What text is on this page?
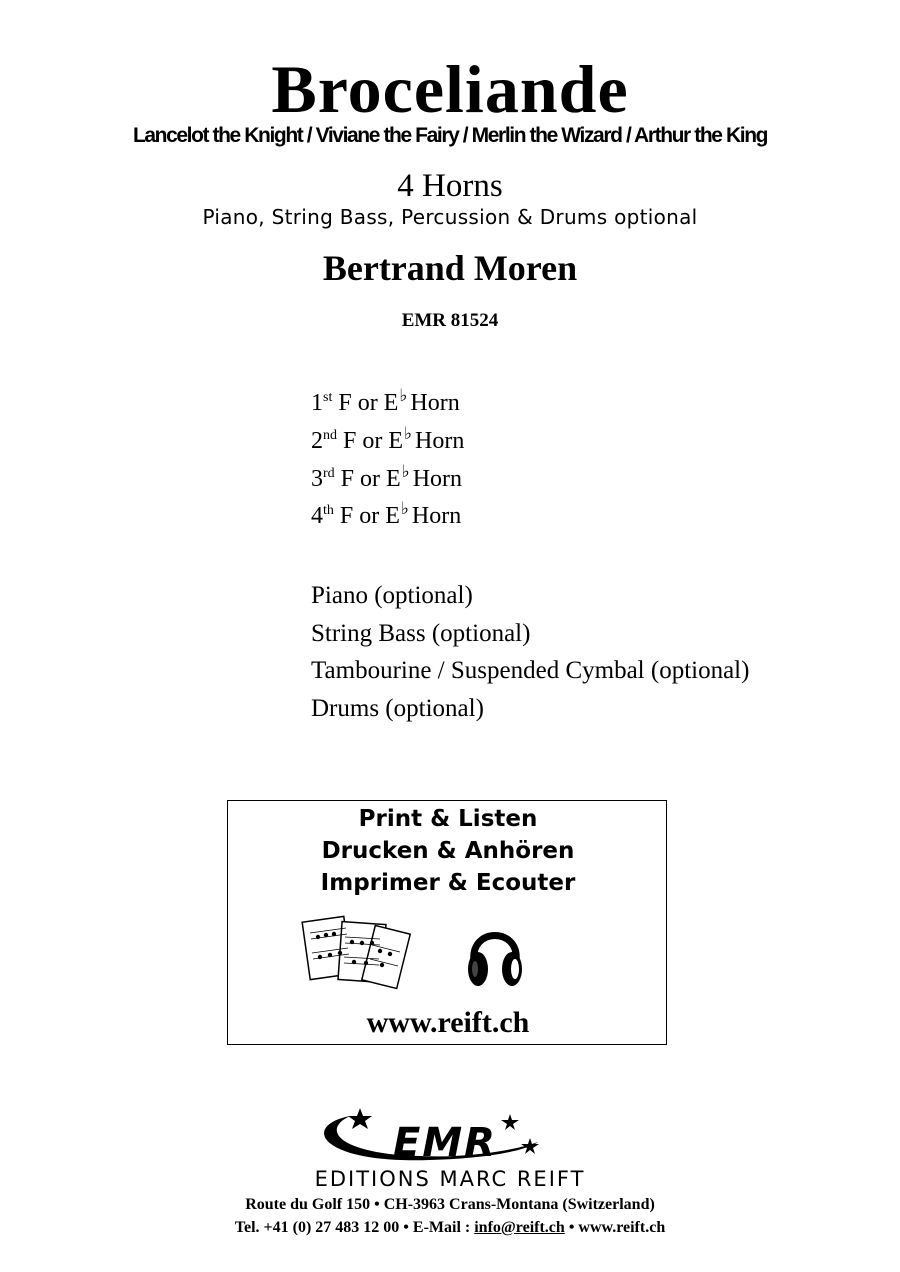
Broceliande
Lancelot the Knight / Viviane the Fairy / Merlin the Wizard / Arthur the King
4 Horns
Piano, String Bass, Percussion & Drums optional
Bertrand Moren
EMR 81524
1st F or E♭ Horn
2nd F or E♭ Horn
3rd F or E♭ Horn
4th F or E♭ Horn
Piano (optional)
String Bass (optional)
Tambourine / Suspended Cymbal (optional)
Drums (optional)
Print & Listen
Drucken & Anhören
Imprimer & Ecouter
www.reift.ch
EMR
EDITIONS MARC REIFT
Route du Golf 150 • CH-3963 Crans-Montana (Switzerland)
Tel. +41 (0) 27 483 12 00 • E-Mail : info@reift.ch • www.reift.ch
